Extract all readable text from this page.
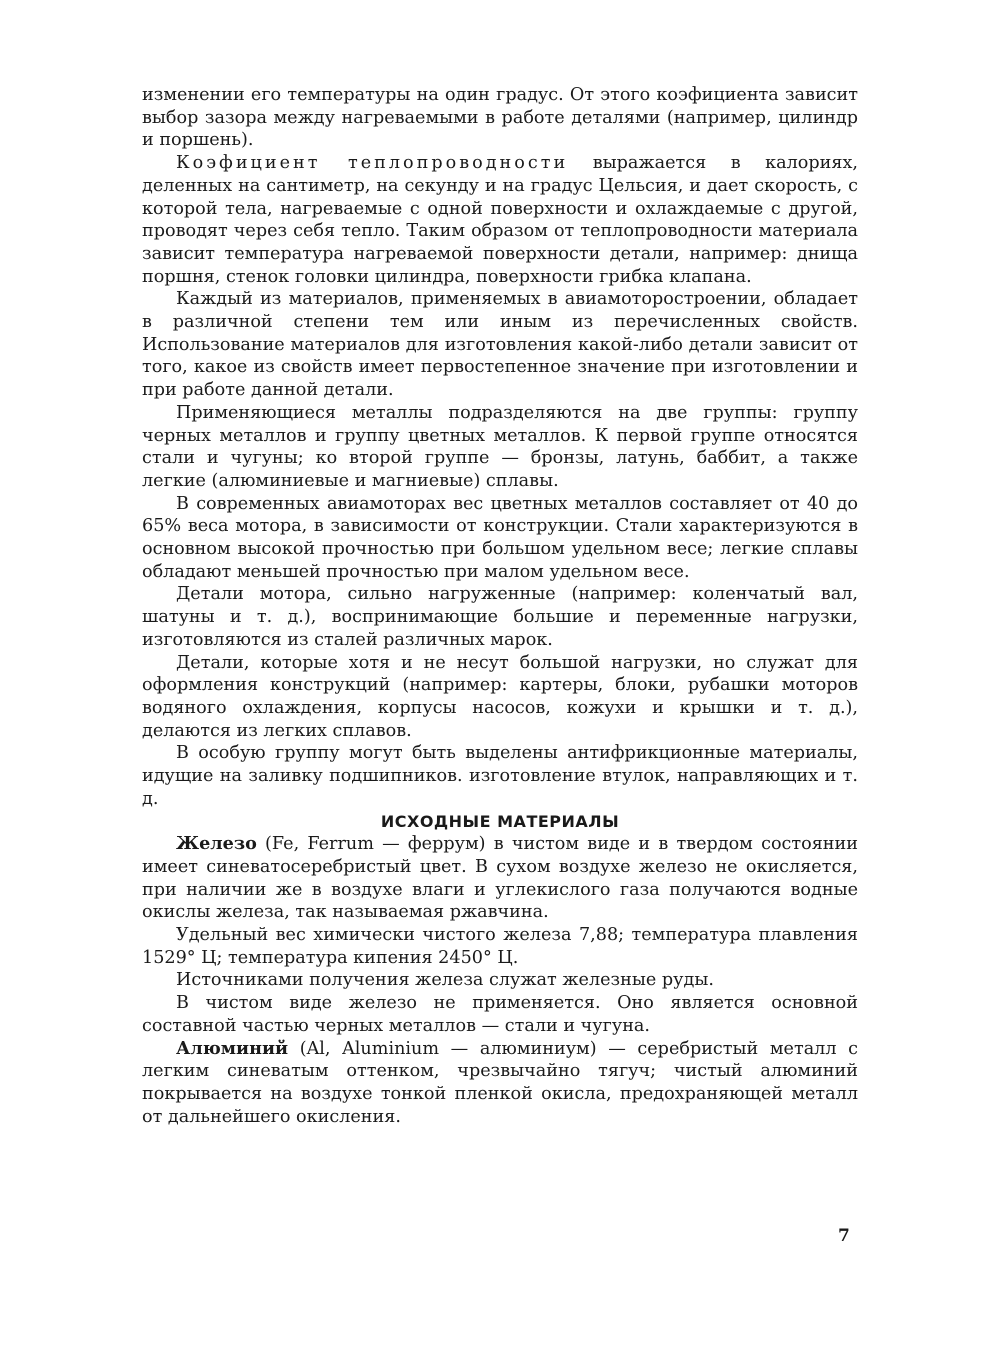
изменении его температуры на один градус. От этого коэфициента зависит выбор зазора между нагреваемыми в работе деталями (например, цилиндр и поршень).

Коэфициент теплопроводности выражается в калориях, деленных на сантиметр, на секунду и на градус Цельсия, и дает скорость, с которой тела, нагреваемые с одной поверхности и охлаждаемые с другой, проводят через себя тепло. Таким образом от теплопроводности материала зависит температура нагреваемой поверхности детали, например: днища поршня, стенок головки цилиндра, поверхности грибка клапана.

Каждый из материалов, применяемых в авиамоторостроении, обладает в различной степени тем или иным из перечисленных свойств. Использование материалов для изготовления какой-либо детали зависит от того, какое из свойств имеет первостепенное значение при изготовлении и при работе данной детали.

Применяющиеся металлы подразделяются на две группы: группу черных металлов и группу цветных металлов. К первой группе относятся стали и чугуны; ко второй группе — бронзы, латунь, баббит, а также легкие (алюминиевые и магниевые) сплавы.

В современных авиамоторах вес цветных металлов составляет от 40 до 65% веса мотора, в зависимости от конструкции. Стали характеризуются в основном высокой прочностью при большом удельном весе; легкие сплавы обладают меньшей прочностью при малом удельном весе.

Детали мотора, сильно нагруженные (например: коленчатый вал, шатуны и т. д.), воспринимающие большие и переменные нагрузки, изготовляются из сталей различных марок.

Детали, которые хотя и не несут большой нагрузки, но служат для оформления конструкций (например: картеры, блоки, рубашки моторов водяного охлаждения, корпусы насосов, кожухи и крышки и т. д.), делаются из легких сплавов.

В особую группу могут быть выделены антифрикционные материалы, идущие на заливку подшипников. изготовление втулок, направляющих и т. д.

ИСХОДНЫЕ МАТЕРИАЛЫ

Железо (Fe, Ferrum — феррум) в чистом виде и в твердом состоянии имеет синеватосеребристый цвет. В сухом воздухе железо не окисляется, при наличии же в воздухе влаги и углекислого газа получаются водные окислы железа, так называемая ржавчина.

Удельный вес химически чистого железа 7,88; температура плавления 1529° Ц; температура кипения 2450° Ц.

Источниками получения железа служат железные руды.

В чистом виде железо не применяется. Оно является основной составной частью черных металлов — стали и чугуна.

Алюминий (Al, Aluminium — алюминиум) — серебристый металл с легким синеватым оттенком, чрезвычайно тягуч; чистый алюминий покрывается на воздухе тонкой пленкой окисла, предохраняющей металл от дальнейшего окисления.

7
